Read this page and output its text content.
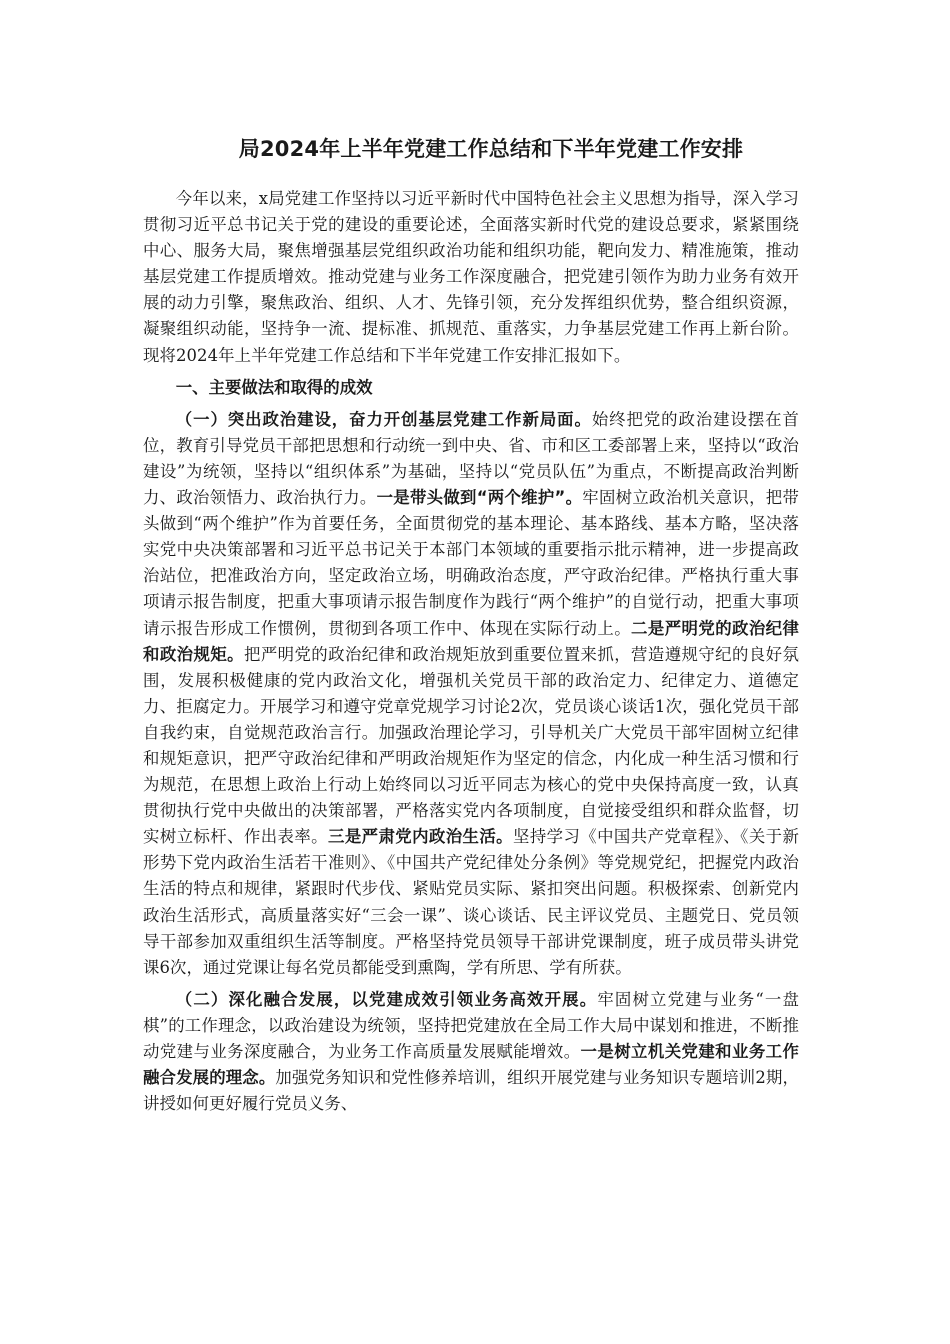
局2024年上半年党建工作总结和下半年党建工作安排

今年以来，x局党建工作坚持以习近平新时代中国特色社会主义思想为指导，深入学习贯彻习近平总书记关于党的建设的重要论述，全面落实新时代党的建设总要求，紧紧围绕中心、服务大局，聚焦增强基层党组织政治功能和组织功能，靶向发力、精准施策，推动基层党建工作提质增效。推动党建与业务工作深度融合，把党建引领作为助力业务有效开展的动力引擎，聚焦政治、组织、人才、先锋引领，充分发挥组织优势，整合组织资源，凝聚组织动能，坚持争一流、提标准、抓规范、重落实，力争基层党建工作再上新台阶。现将2024年上半年党建工作总结和下半年党建工作安排汇报如下。

一、主要做法和取得的成效

（一）突出政治建设，奋力开创基层党建工作新局面。始终把党的政治建设摆在首位，教育引导党员干部把思想和行动统一到中央、省、市和区工委部署上来，坚持以“政治建设”为统领，坚持以“组织体系”为基础，坚持以“党员队伍”为重点，不断提高政治判断力、政治领悟力、政治执行力。一是带头做到“两个维护”。牢固树立政治机关意识，把带头做到“两个维护”作为首要任务，全面贯彻党的基本理论、基本路线、基本方略，坚决落实党中央决策部署和习近平总书记关于本部门本领域的重要指示批示精神，进一步提高政治站位，把准政治方向，坚定政治立场，明确政治态度，严守政治纪律。严格执行重大事项请示报告制度，把重大事项请示报告制度作为践行“两个维护”的自觉行动，把重大事项请示报告形成工作惯例，贯彻到各项工作中、体现在实际行动上。二是严明党的政治纪律和政治规矩。把严明党的政治纪律和政治规矩放到重要位置来抓，营造遵规守纪的良好氛围，发展积极健康的党内政治文化，增强机关党员干部的政治定力、纪律定力、道德定力、拒腐定力。开展学习和遵守党章党规学习讨论2次，党员谈心谈话1次，强化党员干部自我约束，自觉规范政治言行。加强政治理论学习，引导机关广大党员干部牢固树立纪律和规矩意识，把严守政治纪律和严明政治规矩作为坚定的信念，内化成一种生活习惯和行为规范，在思想上政治上行动上始终同以习近平同志为核心的党中央保持高度一致，认真贯彻执行党中央做出的决策部署，严格落实党内各项制度，自觉接受组织和群众监督，切实树立标杆、作出表率。三是严肃党内政治生活。坚持学习《中国共产党章程》、《关于新形势下党内政治生活若干准则》、《中国共产党纪律处分条例》等党规党纪，把握党内政治生活的特点和规律，紧跟时代步伐、紧贴党员实际、紧扣突出问题。积极探索、创新党内政治生活形式，高质量落实好“三会一课”、谈心谈话、民主评议党员、主题党日、党员领导干部参加双重组织生活等制度。严格坚持党员领导干部讲党课制度，班子成员带头讲党课6次，通过党课让每名党员都能受到熏陶，学有所思、学有所获。

（二）深化融合发展，以党建成效引领业务高效开展。牢固树立党建与业务“一盘棋”的工作理念，以政治建设为统领，坚持把党建放在全局工作大局中谋划和推进，不断推动党建与业务深度融合，为业务工作高质量发展赋能增效。一是树立机关党建和业务工作融合发展的理念。加强党务知识和党性修养培训，组织开展党建与业务知识专题培训2期，讲授如何更好履行党员义务、
